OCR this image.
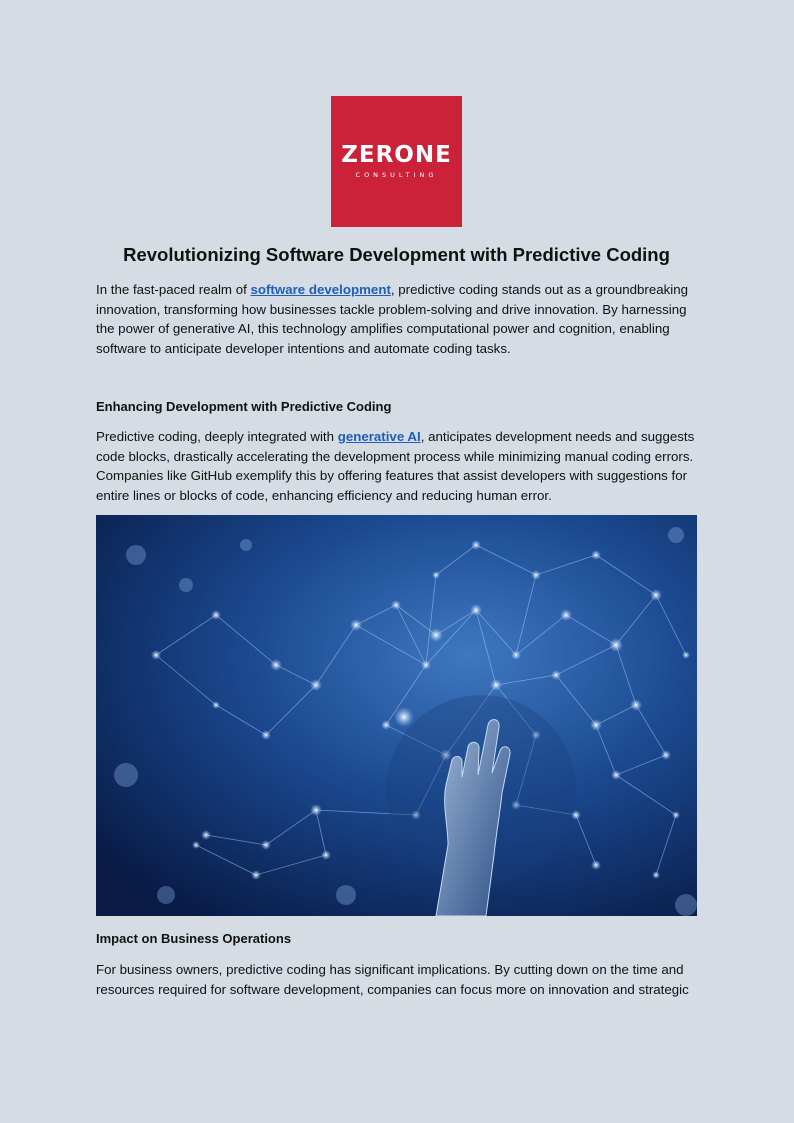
ZERONE
CONSULTING
Revolutionizing Software Development with Predictive Coding

In the fast-paced realm of software development, predictive coding stands out as a groundbreaking innovation, transforming how businesses tackle problem-solving and drive innovation. By harnessing the power of generative AI, this technology amplifies computational power and cognition, enabling software to anticipate developer intentions and automate coding tasks.

Enhancing Development with Predictive Coding

Predictive coding, deeply integrated with generative AI, anticipates development needs and suggests code blocks, drastically accelerating the development process while minimizing manual coding errors. Companies like GitHub exemplify this by offering features that assist developers with suggestions for entire lines or blocks of code, enhancing efficiency and reducing human error.

Impact on Business Operations

For business owners, predictive coding has significant implications. By cutting down on the time and resources required for software development, companies can focus more on innovation and strategic
